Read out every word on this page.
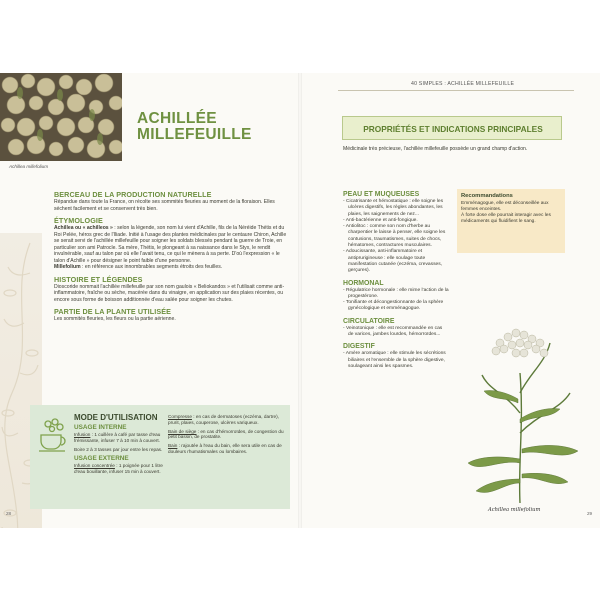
Achillea millefolium
ACHILLÉE
MILLEFEUILLE
BERCEAU DE LA PRODUCTION NATURELLE

Répandue dans toute la France, on récolte ses sommités fleuries au moment de la floraison. Elles séchent facilement et se conservent très bien.

ÉTYMOLOGIE

Achillea ou « achilleos » : selon la légende, son nom lui vient d'Achille, fils de la Néréide Thétis et du Roi Pelée, héros grec de l'Iliade. Initié à l'usage des plantes médicinales par le centaure Chiron, Achille se serait servi de l'achillée millefeuille pour soigner les soldats blessés pendant la guerre de Troie, en particulier son ami Patrocle. Sa mère, Thétis, le plongeant à sa naissance dans le Styx, le rendit invulnérable, sauf au talon par où elle l'avait tenu, ce qui le mènera à sa perte. D'où l'expression « le talon d'Achille » pour désigner le point faible d'une personne.
Millefolium : en référence aux innombrables segments étroits des feuilles.

HISTOIRE ET LÉGENDES

Dioscoride nommait l'achillée millefeuille par son nom gaulois « Beliokandos » et l'utilisait comme anti-inflammatoire, fraîche ou sèche, macérée dans du vinaigre, en application sur des plaies récentes, ou encore sous forme de boisson additionnée d'eau salée pour soigner les chutes.

PARTIE DE LA PLANTE UTILISÉE

Les sommités fleuries, les fleurs ou la partie aérienne.

MODE D'UTILISATION
USAGE INTERNE

Infusion : 1 cuillère à café par tasse d'eau frémissante, infuser 7 à 10 min à couvert.

Boire 2 à 3 tasses par jour entre les repas.

USAGE EXTERNE

Infusion concentrée : 1 poignée pour 1 litre d'eau bouillante, infuser 15 min à couvert.

Compresse : en cas de dermatoses (eczéma, dartre), prurit, plaies, couperose, ulcères variqueux.

Bain de siège : en cas d'hémorroïdes, de congestion du petit bassin, de prostatite.

Bain : rajoutée à l'eau du bain, elle sera utile en cas de douleurs rhumatismales ou lombaires.

28
40 SIMPLES : ACHILLÉE MILLEFEUILLE
PROPRIÉTÉS ET INDICATIONS PRINCIPALES
Médicinale très précieuse, l'achillée millefeuille possède un grand champ d'action.
PEAU ET MUQUEUSES

- Cicatrisante et hémostatique : elle soigne les ulcères digestifs, les règles abondantes, les plaies, les saignements de nez...

- Anti-bactérienne et anti-fongique.

- Antiolitoc : comme son nom d'herbe au charpentier le laisse à penser, elle soigne les contusions, traumatismes, suites de chocs, hématomes, contractures musculaires.

- Adoucissante, anti-inflammatoire et antiprurigineuse : elle soulage toute manifestation cutanée (eczéma, crevasses, gerçures).

HORMONAL

- Régulatrice hormonale : elle mime l'action de la progestérone.

- Tonifiante et décongestionnante de la sphère gynécologique et emménagogue.

CIRCULATOIRE

- Veinotonique : elle est recommandée en cas de varices, jambes lourdes, hémorroïdes...

DIGESTIF

- Amère aromatique : elle stimule les sécrétions biliaires et l'ensemble de la sphère digestive, soulageant ainsi les spasmes.

Recommandations
Emménagogue, elle est déconseillée aux femmes enceintes.
À forte dose elle pourrait interagir avec les médicaments qui fluidifient le sang.
Achillea millefolium
29
